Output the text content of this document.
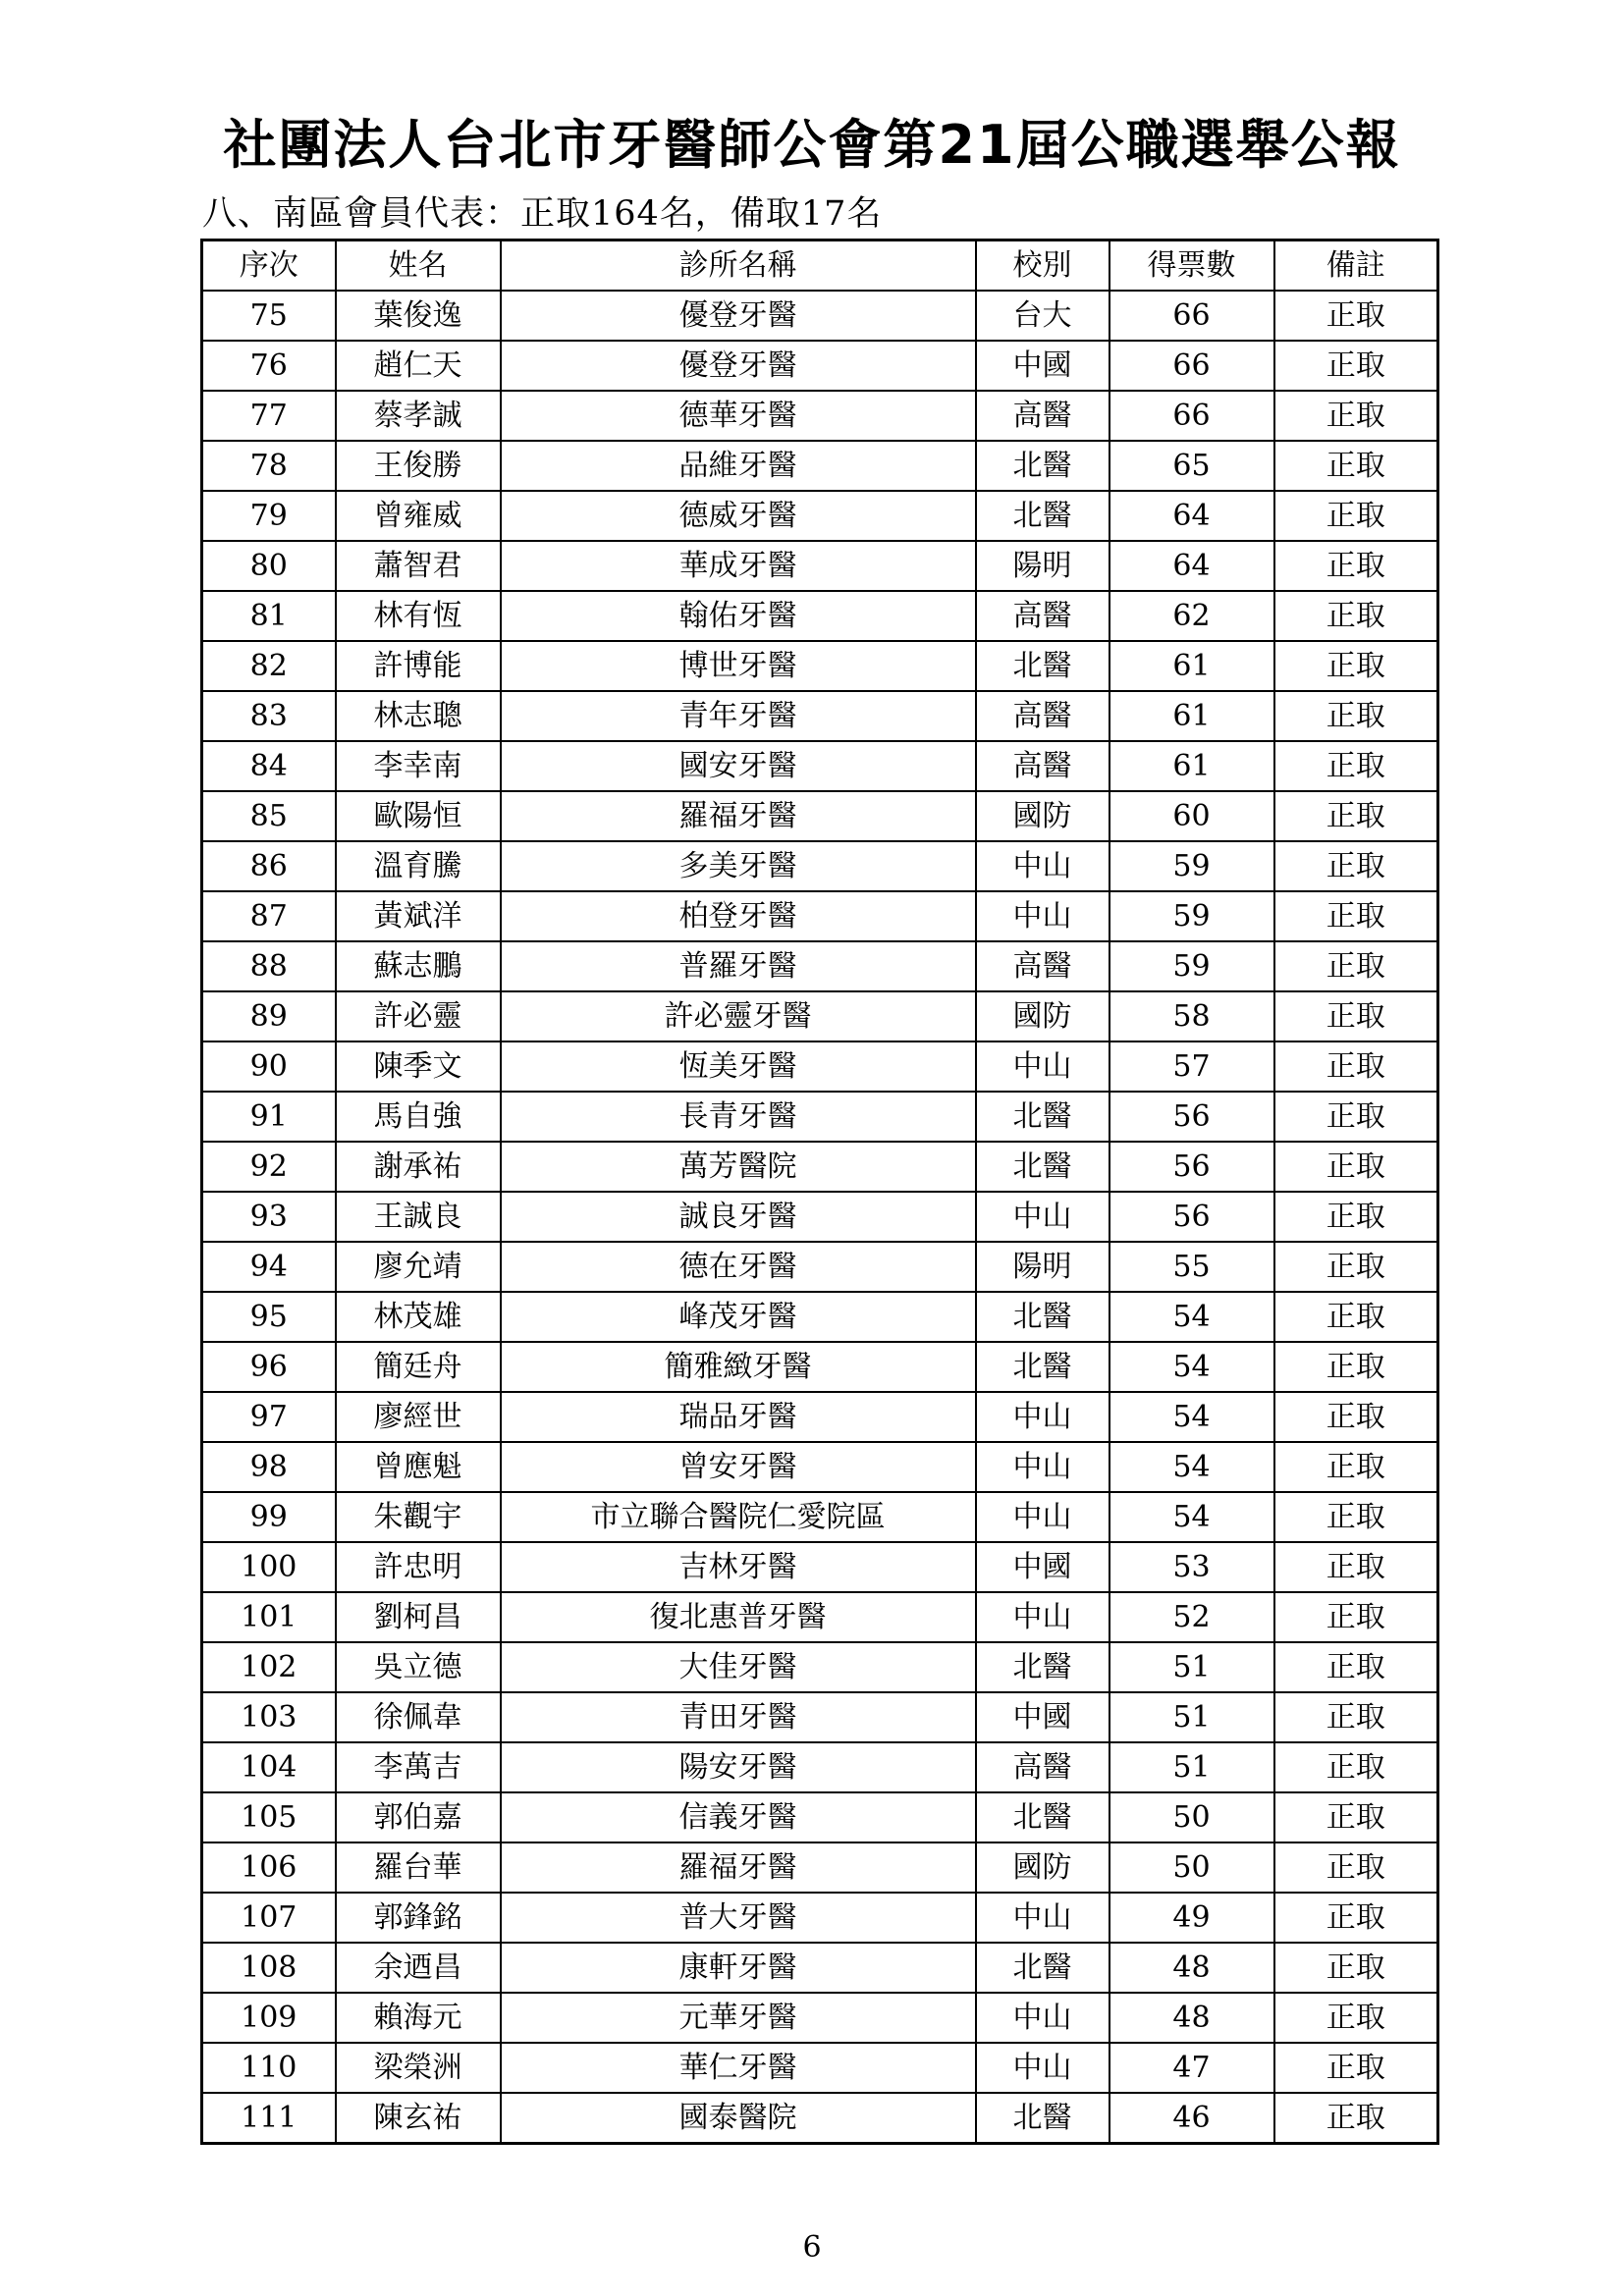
社團法人台北市牙醫師公會第21屆公職選舉公報
八、南區會員代表：正取164名，備取17名
序次	姓名	診所名稱	校別	得票數	備註
75	葉俊逸	優登牙醫	台大	66	正取
76	趙仁天	優登牙醫	中國	66	正取
77	蔡孝誠	德華牙醫	高醫	66	正取
78	王俊勝	品維牙醫	北醫	65	正取
79	曾雍威	德威牙醫	北醫	64	正取
80	蕭智君	華成牙醫	陽明	64	正取
81	林有恆	翰佑牙醫	高醫	62	正取
82	許博能	博世牙醫	北醫	61	正取
83	林志聰	青年牙醫	高醫	61	正取
84	李幸南	國安牙醫	高醫	61	正取
85	歐陽恒	羅福牙醫	國防	60	正取
86	溫育騰	多美牙醫	中山	59	正取
87	黃斌洋	柏登牙醫	中山	59	正取
88	蘇志鵬	普羅牙醫	高醫	59	正取
89	許必靈	許必靈牙醫	國防	58	正取
90	陳季文	恆美牙醫	中山	57	正取
91	馬自強	長青牙醫	北醫	56	正取
92	謝承祐	萬芳醫院	北醫	56	正取
93	王誠良	誠良牙醫	中山	56	正取
94	廖允靖	德在牙醫	陽明	55	正取
95	林茂雄	峰茂牙醫	北醫	54	正取
96	簡廷舟	簡雅緻牙醫	北醫	54	正取
97	廖經世	瑞品牙醫	中山	54	正取
98	曾應魁	曾安牙醫	中山	54	正取
99	朱觀宇	市立聯合醫院仁愛院區	中山	54	正取
100	許忠明	吉林牙醫	中國	53	正取
101	劉柯昌	復北惠普牙醫	中山	52	正取
102	吳立德	大佳牙醫	北醫	51	正取
103	徐佩韋	青田牙醫	中國	51	正取
104	李萬吉	陽安牙醫	高醫	51	正取
105	郭伯嘉	信義牙醫	北醫	50	正取
106	羅台華	羅福牙醫	國防	50	正取
107	郭鋒銘	普大牙醫	中山	49	正取
108	余迺昌	康軒牙醫	北醫	48	正取
109	賴海元	元華牙醫	中山	48	正取
110	梁榮洲	華仁牙醫	中山	47	正取
111	陳玄祐	國泰醫院	北醫	46	正取
6
